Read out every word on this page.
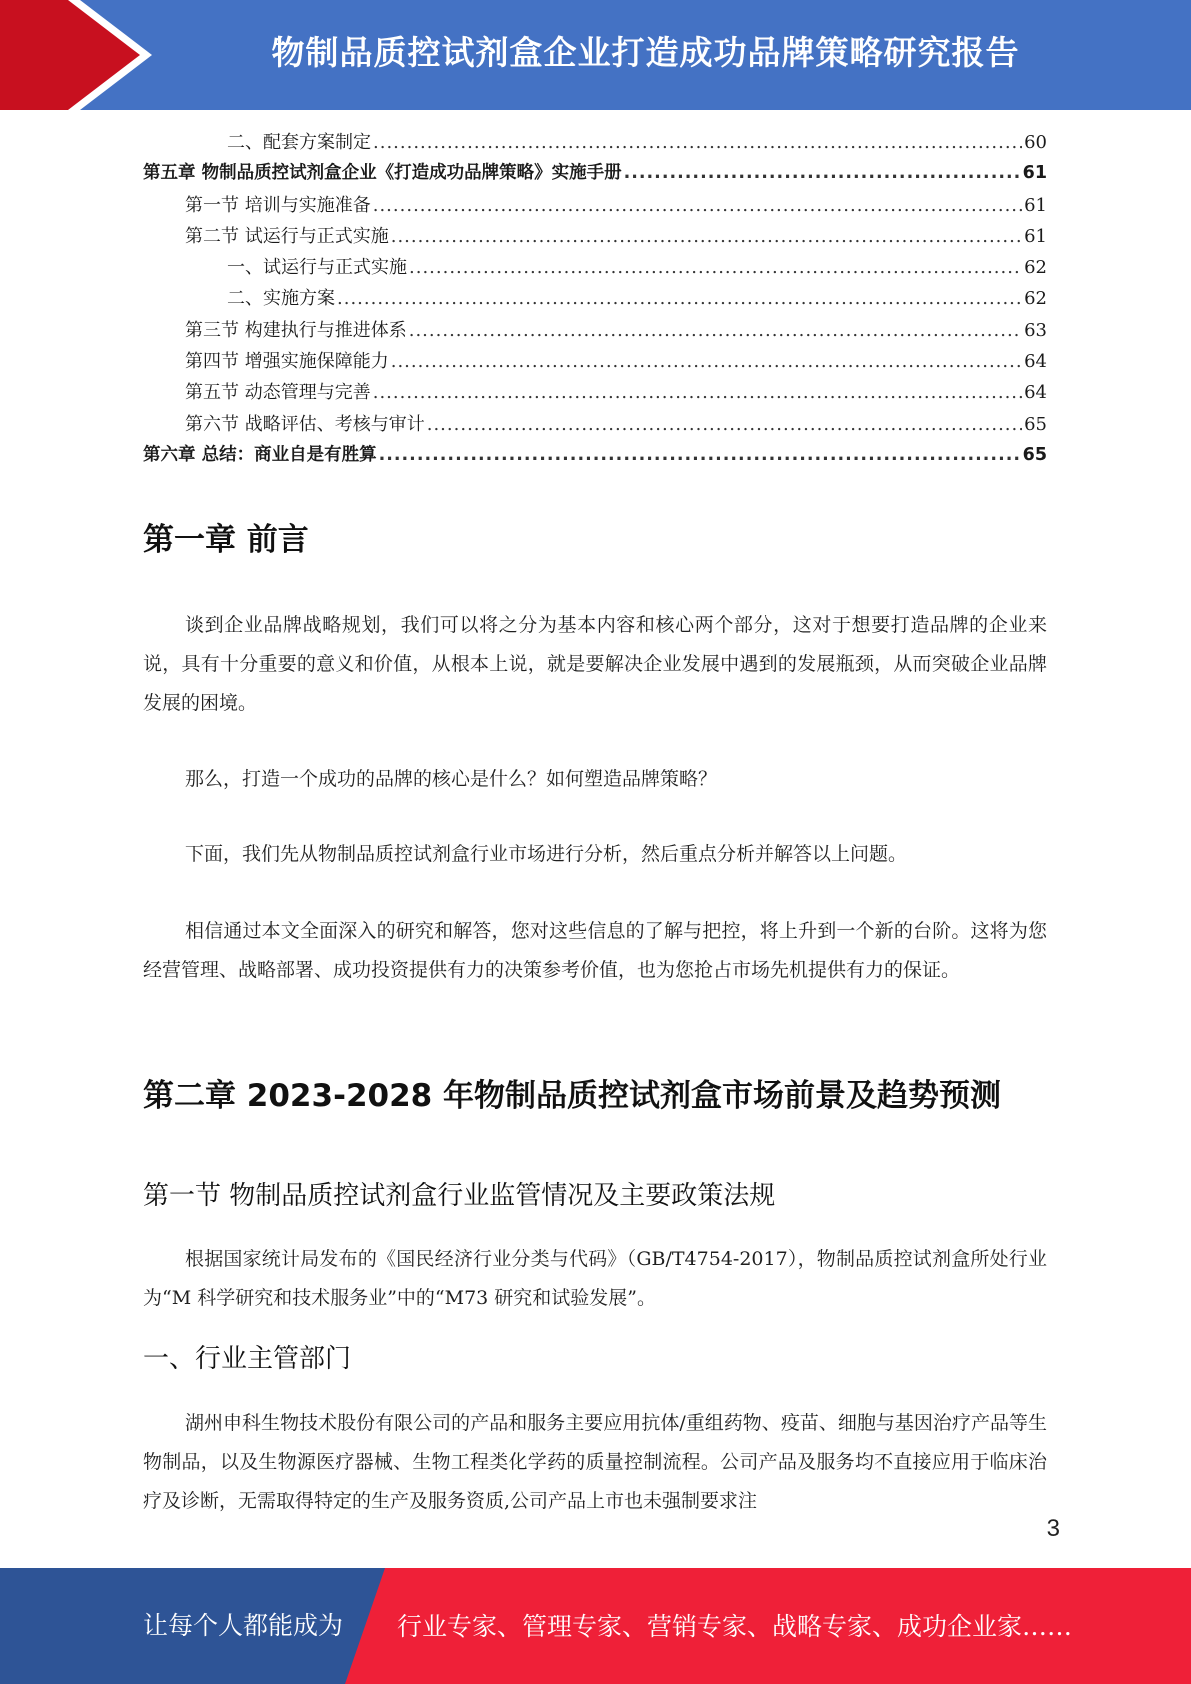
物制品质控试剂盒企业打造成功品牌策略研究报告
二、配套方案制定 .....	60
第五章 物制品质控试剂盒企业《打造成功品牌策略》实施手册 .....	61
第一节 培训与实施准备 .....	61
第二节 试运行与正式实施 .....	61
一、试运行与正式实施 .....	62
二、实施方案 .....	62
第三节 构建执行与推进体系 .....	63
第四节 增强实施保障能力 .....	64
第五节 动态管理与完善 .....	64
第六节 战略评估、考核与审计 .....	65
第六章 总结：商业自是有胜算 .....	65
第一章 前言

谈到企业品牌战略规划，我们可以将之分为基本内容和核心两个部分，这对于想要打造品牌的企业来说，具有十分重要的意义和价值，从根本上说，就是要解决企业发展中遇到的发展瓶颈，从而突破企业品牌发展的困境。

那么，打造一个成功的品牌的核心是什么？如何塑造品牌策略？

下面，我们先从物制品质控试剂盒行业市场进行分析，然后重点分析并解答以上问题。

相信通过本文全面深入的研究和解答，您对这些信息的了解与把控，将上升到一个新的台阶。这将为您经营管理、战略部署、成功投资提供有力的决策参考价值，也为您抢占市场先机提供有力的保证。

第二章 2023-2028 年物制品质控试剂盒市场前景及趋势预测
第一节 物制品质控试剂盒行业监管情况及主要政策法规

根据国家统计局发布的《国民经济行业分类与代码》（GB/T4754-2017），物制品质控试剂盒所处行业为“M 科学研究和技术服务业”中的“M73 研究和试验发展”。

一、行业主管部门

湖州申科生物技术股份有限公司的产品和服务主要应用抗体/重组药物、疫苗、细胞与基因治疗产品等生物制品，以及生物源医疗器械、生物工程类化学药的质量控制流程。公司产品及服务均不直接应用于临床治疗及诊断，无需取得特定的生产及服务资质,公司产品上市也未强制要求注

3
让每个人都能成为 行业专家、管理专家、营销专家、战略专家、成功企业家……
